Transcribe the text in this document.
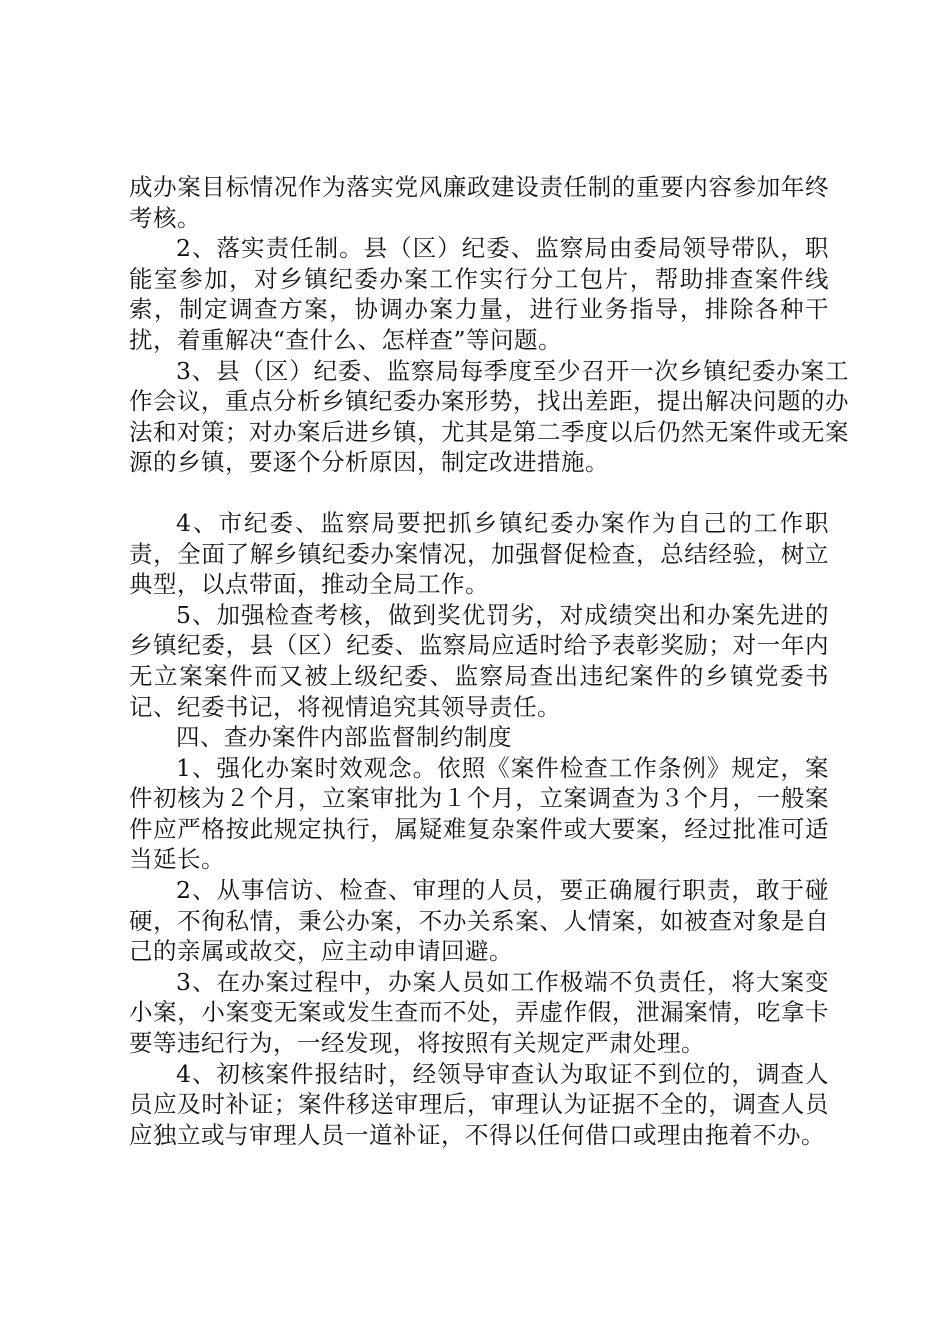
成办案目标情况作为落实党风廉政建设责任制的重要内容参加年终考核。

2、落实责任制。县（区）纪委、监察局由委局领导带队，职能室参加，对乡镇纪委办案工作实行分工包片，帮助排查案件线索，制定调查方案，协调办案力量，进行业务指导，排除各种干扰，着重解决“查什么、怎样查”等问题。

3、县（区）纪委、监察局每季度至少召开一次乡镇纪委办案工作会议，重点分析乡镇纪委办案形势，找出差距，提出解决问题的办法和对策；对办案后进乡镇，尤其是第二季度以后仍然无案件或无案源的乡镇，要逐个分析原因，制定改进措施。

4、市纪委、监察局要把抓乡镇纪委办案作为自己的工作职责，全面了解乡镇纪委办案情况，加强督促检查，总结经验，树立典型，以点带面，推动全局工作。

5、加强检查考核，做到奖优罚劣，对成绩突出和办案先进的乡镇纪委，县（区）纪委、监察局应适时给予表彰奖励；对一年内无立案案件而又被上级纪委、监察局查出违纪案件的乡镇党委书记、纪委书记，将视情追究其领导责任。

四、查办案件内部监督制约制度

1、强化办案时效观念。依照《案件检查工作条例》规定，案件初核为２个月，立案审批为１个月，立案调查为３个月，一般案件应严格按此规定执行，属疑难复杂案件或大要案，经过批准可适当延长。

2、从事信访、检查、审理的人员，要正确履行职责，敢于碰硬，不徇私情，秉公办案，不办关系案、人情案，如被查对象是自己的亲属或故交，应主动申请回避。

3、在办案过程中，办案人员如工作极端不负责任，将大案变小案，小案变无案或发生查而不处，弄虚作假，泄漏案情，吃拿卡要等违纪行为，一经发现，将按照有关规定严肃处理。

4、初核案件报结时，经领导审查认为取证不到位的，调查人员应及时补证；案件移送审理后，审理认为证据不全的，调查人员应独立或与审理人员一道补证，不得以任何借口或理由拖着不办。
